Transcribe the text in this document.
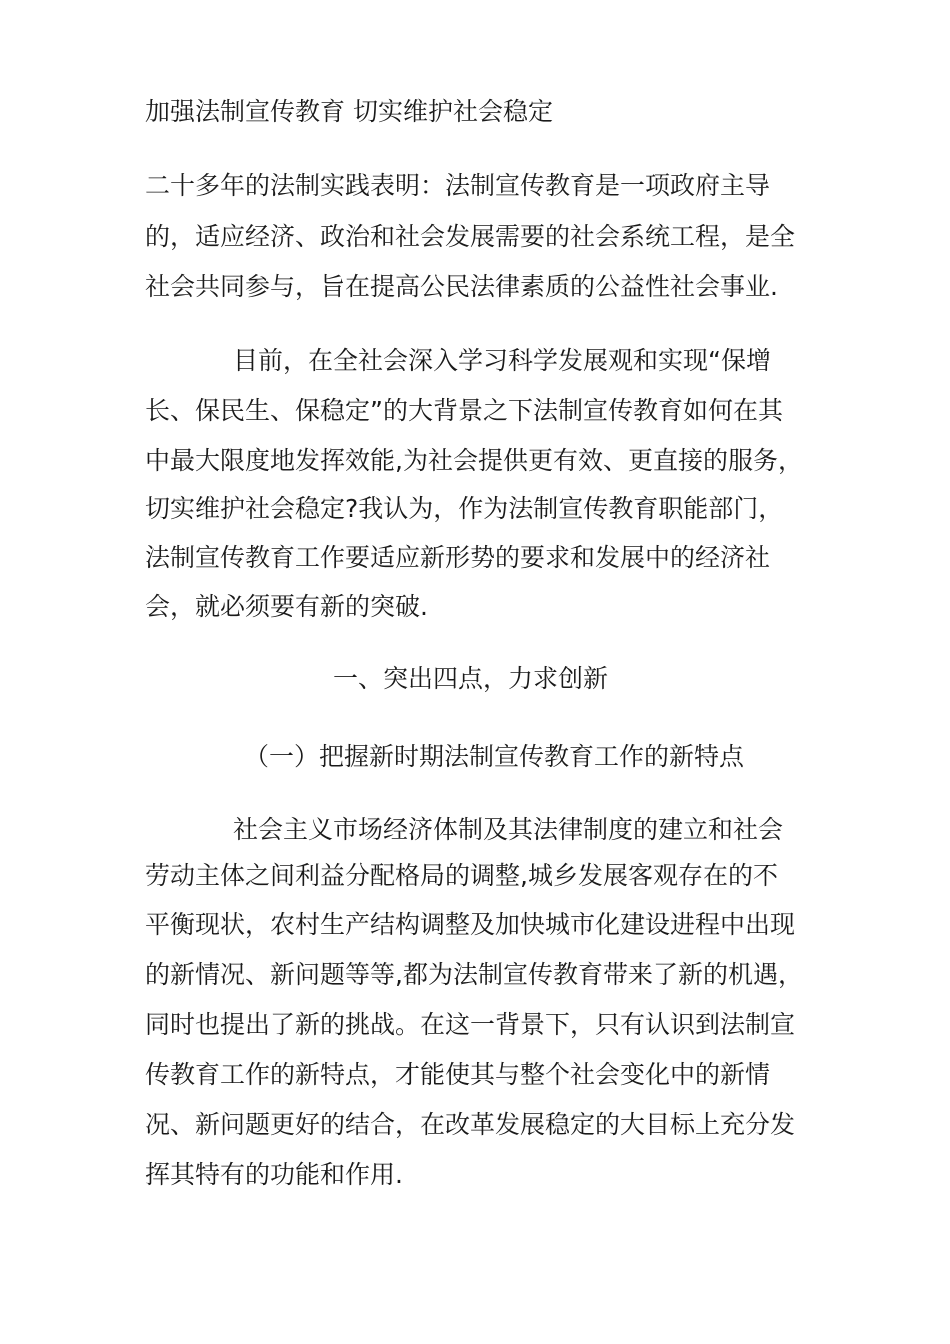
加强法制宣传教育 切实维护社会稳定
二十多年的法制实践表明：法制宣传教育是一项政府主导
的，适应经济、政治和社会发展需要的社会系统工程，是全
社会共同参与，旨在提高公民法律素质的公益性社会事业.
目前，在全社会深入学习科学发展观和实现“保增
长、保民生、保稳定”的大背景之下法制宣传教育如何在其
中最大限度地发挥效能,为社会提供更有效、更直接的服务，
切实维护社会稳定?我认为，作为法制宣传教育职能部门，
法制宣传教育工作要适应新形势的要求和发展中的经济社
会，就必须要有新的突破.
一、突出四点，力求创新
（一）把握新时期法制宣传教育工作的新特点
社会主义市场经济体制及其法律制度的建立和社会
劳动主体之间利益分配格局的调整,城乡发展客观存在的不
平衡现状，农村生产结构调整及加快城市化建设进程中出现
的新情况、新问题等等,都为法制宣传教育带来了新的机遇，
同时也提出了新的挑战。在这一背景下，只有认识到法制宣
传教育工作的新特点，才能使其与整个社会变化中的新情
况、新问题更好的结合，在改革发展稳定的大目标上充分发
挥其特有的功能和作用.
